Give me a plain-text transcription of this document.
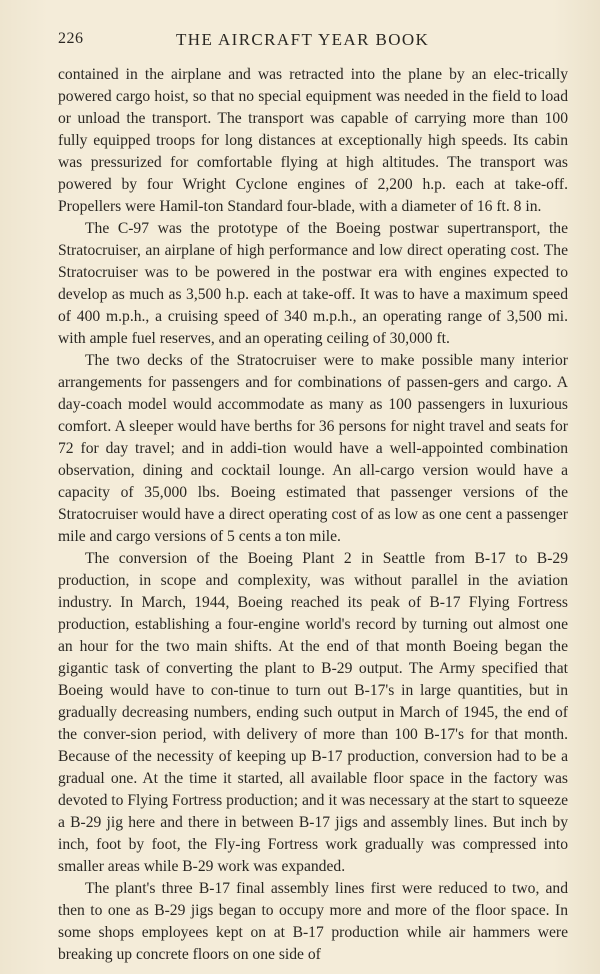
226	THE AIRCRAFT YEAR BOOK

contained in the airplane and was retracted into the plane by an elec-trically powered cargo hoist, so that no special equipment was needed in the field to load or unload the transport. The transport was capable of carrying more than 100 fully equipped troops for long distances at exceptionally high speeds. Its cabin was pressurized for comfortable flying at high altitudes. The transport was powered by four Wright Cyclone engines of 2,200 h.p. each at take-off. Propellers were Hamil-ton Standard four-blade, with a diameter of 16 ft. 8 in.

The C-97 was the prototype of the Boeing postwar supertransport, the Stratocruiser, an airplane of high performance and low direct operating cost. The Stratocruiser was to be powered in the postwar era with engines expected to develop as much as 3,500 h.p. each at take-off. It was to have a maximum speed of 400 m.p.h., a cruising speed of 340 m.p.h., an operating range of 3,500 mi. with ample fuel reserves, and an operating ceiling of 30,000 ft.

The two decks of the Stratocruiser were to make possible many interior arrangements for passengers and for combinations of passen-gers and cargo. A day-coach model would accommodate as many as 100 passengers in luxurious comfort. A sleeper would have berths for 36 persons for night travel and seats for 72 for day travel; and in addi-tion would have a well-appointed combination observation, dining and cocktail lounge. An all-cargo version would have a capacity of 35,000 lbs. Boeing estimated that passenger versions of the Stratocruiser would have a direct operating cost of as low as one cent a passenger mile and cargo versions of 5 cents a ton mile.

The conversion of the Boeing Plant 2 in Seattle from B-17 to B-29 production, in scope and complexity, was without parallel in the aviation industry. In March, 1944, Boeing reached its peak of B-17 Flying Fortress production, establishing a four-engine world's record by turning out almost one an hour for the two main shifts. At the end of that month Boeing began the gigantic task of converting the plant to B-29 output. The Army specified that Boeing would have to con-tinue to turn out B-17's in large quantities, but in gradually decreasing numbers, ending such output in March of 1945, the end of the conver-sion period, with delivery of more than 100 B-17's for that month. Because of the necessity of keeping up B-17 production, conversion had to be a gradual one. At the time it started, all available floor space in the factory was devoted to Flying Fortress production; and it was necessary at the start to squeeze a B-29 jig here and there in between B-17 jigs and assembly lines. But inch by inch, foot by foot, the Fly-ing Fortress work gradually was compressed into smaller areas while B-29 work was expanded.

The plant's three B-17 final assembly lines first were reduced to two, and then to one as B-29 jigs began to occupy more and more of the floor space. In some shops employees kept on at B-17 production while air hammers were breaking up concrete floors on one side of
